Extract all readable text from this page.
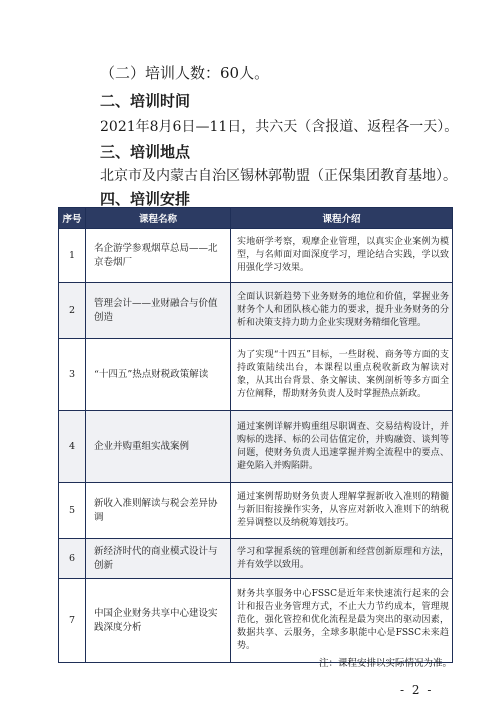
（二）培训人数：60人。
二、培训时间
2021年8月6日—11日，共六天（含报道、返程各一天）。
三、培训地点
北京市及内蒙古自治区锡林郭勒盟（正保集团教育基地）。
四、培训安排
序号	课程名称	课程介绍
1	名企游学参观烟草总局——北京卷烟厂	实地研学考察，观摩企业管理，以真实企业案例为模型，与名师面对面深度学习，理论结合实践，学以致用强化学习效果。
2	管理会计——业财融合与价值创造	全面认识新趋势下业务财务的地位和价值，掌握业务财务个人和团队核心能力的要求，提升业务财务的分析和决策支持力助力企业实现财务精细化管理。
3	“十四五”热点财税政策解读	为了实现“十四五”目标，一些財税、商务等方面的支持政策陆续出台，本课程以重点税收新政为解读对象，从其出台背景、条文解读、案例剖析等多方面全方位阐释，帮助财务负责人及时掌握热点新政。
4	企业并购重组实战案例	通过案例详解并购重组尽职调查、交易结构设计，并购标的选择、标的公司估值定价，并购融资、谈判等问题，使财务负责人迅速掌握并购全流程中的要点、避免陷入并购陷阱。
5	新收入准则解读与税会差异协调	通过案例帮助财务负责人理解掌握新收入准则的精髓与新旧衔接操作实务，从容应对新收入准则下的纳税差异调整以及纳税筹划技巧。
6	新经济时代的商业模式设计与创新	学习和掌握系统的管理创新和经营创新原理和方法，并有效学以致用。
7	中国企业财务共享中心建设实践深度分析	财务共享服务中心FSSC是近年来快速流行起来的会计和报告业务管理方式，不止大力节约成本，管理规范化，强化管控和优化流程是最为突出的驱动因素，数据共享、云服务，全球多职能中心是FSSC未来趋势。
注：课程安排以实际情况为准。
- 2 -
